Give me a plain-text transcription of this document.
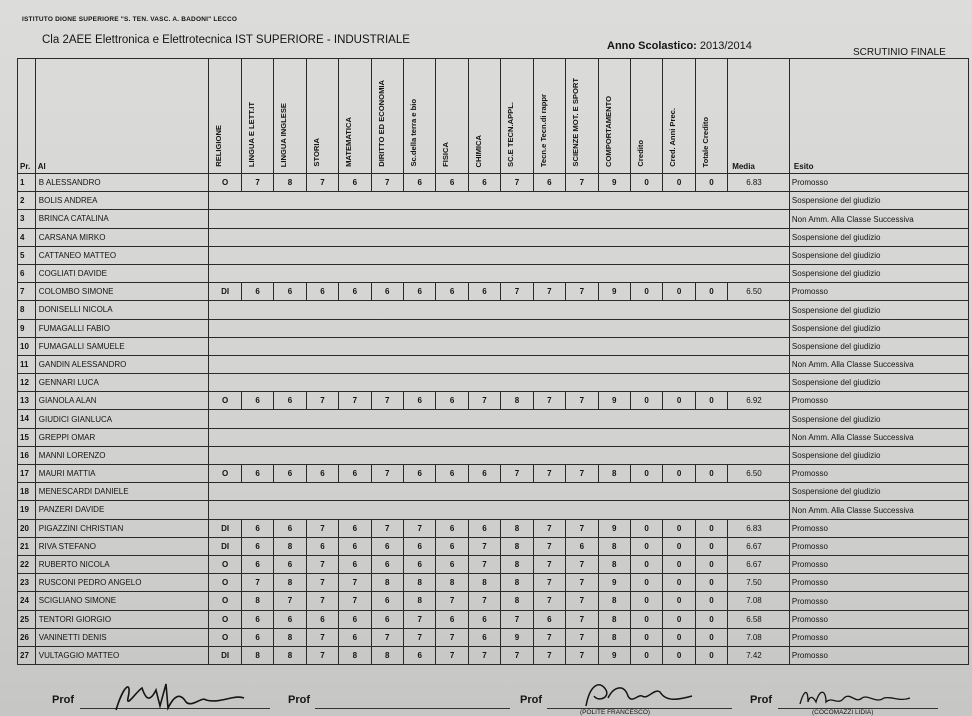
ISTITUTO DIONE SUPERIORE "S. TEN. VASC. A. BADONI" LECCO
Cla 2AEE Elettronica e Elettrotecnica IST SUPERIORE - INDUSTRIALE	Anno Scolastico: 2013/2014
SCRUTINIO FINALE
Pr.	Al	RELIGIONE	LINGUA E LETT.IT	LINGUA INGLESE	STORIA	MATEMATICA	DIRITTO ED ECONOMIA	Sc.della terra e bio	FISICA	CHIMICA	SC.E TECN.APPL.	Tecn.e Tecn.di rappr	SCIENZE MOT. E SPORT	COMPORTAMENTO	Credito	Cred. Anni Prec.	Totale Credito	Media	Esito

1	B ALESSANDRO	O	7	8	7	6	7	6	6	6	7	6	7	9	0	0	0	6.83	Promosso
2	BOLIS ANDREA																		Sospensione del giudizio
3	BRINCA CATALINA																		Non Amm. Alla Classe Successiva
4	CARSANA MIRKO																		Sospensione del giudizio
5	CATTANEO MATTEO																		Sospensione del giudizio
6	COGLIATI DAVIDE																		Sospensione del giudizio
7	COLOMBO SIMONE	DI	6	6	6	6	6	6	6	6	7	7	7	9	0	0	0	6.50	Promosso
8	DONISELLI NICOLA																		Sospensione del giudizio
9	FUMAGALLI FABIO																		Sospensione del giudizio
10	FUMAGALLI SAMUELE																		Sospensione del giudizio
11	GANDIN ALESSANDRO																		Non Amm. Alla Classe Successiva
12	GENNARI LUCA																		Sospensione del giudizio
13	GIANOLA ALAN	O	6	6	7	7	7	6	6	7	8	7	7	9	0	0	0	6.92	Promosso
14	GIUDICI GIANLUCA																		Sospensione del giudizio
15	GREPPI OMAR																		Non Amm. Alla Classe Successiva
16	MANNI LORENZO																		Sospensione del giudizio
17	MAURI MATTIA	O	6	6	6	6	7	6	6	6	7	7	7	8	0	0	0	6.50	Promosso
18	MENESCARDI DANIELE																		Sospensione del giudizio
19	PANZERI DAVIDE																		Non Amm. Alla Classe Successiva
20	PIGAZZINI CHRISTIAN	DI	6	6	7	6	7	7	6	6	8	7	7	9	0	0	0	6.83	Promosso
21	RIVA STEFANO	DI	6	8	6	6	6	6	6	7	8	7	6	8	0	0	0	6.67	Promosso
22	RUBERTO NICOLA	O	6	6	7	6	6	6	6	7	8	7	7	8	0	0	0	6.67	Promosso
23	RUSCONI PEDRO ANGELO	O	7	8	7	7	8	8	8	8	8	7	7	9	0	0	0	7.50	Promosso
24	SCIGLIANO SIMONE	O	8	7	7	7	6	8	7	7	8	7	7	8	0	0	0	7.08	Promosso
25	TENTORI GIORGIO	O	6	6	6	6	6	7	6	6	7	6	7	8	0	0	0	6.58	Promosso
26	VANINETTI DENIS	O	6	8	7	6	7	7	7	6	9	7	7	8	0	0	0	7.08	Promosso
27	VULTAGGIO MATTEO	DI	8	8	7	8	8	6	7	7	7	7	7	9	0	0	0	7.42	Promosso
Prof	Prof	Prof
(POLITE FRANCESCO)
Prof
(COCOMAZZI LIDIA)
